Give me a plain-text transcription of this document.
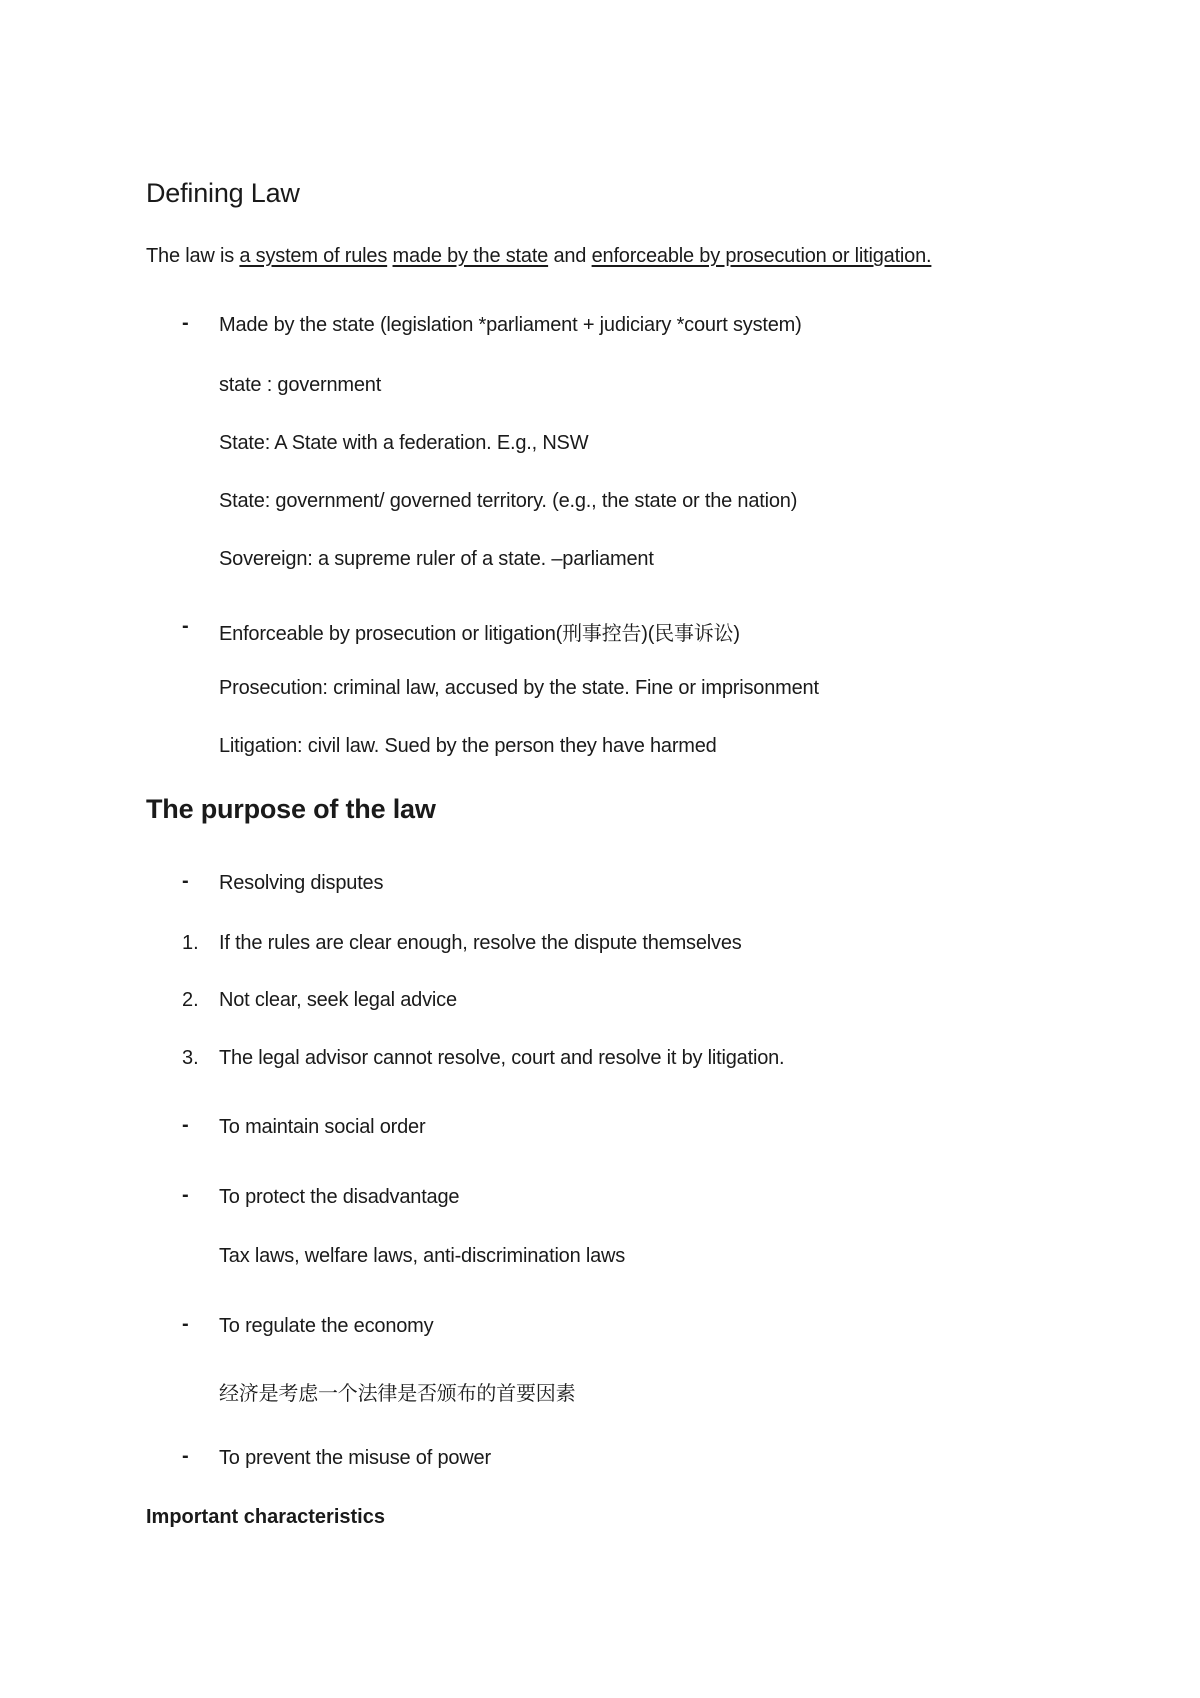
Defining Law
The law is a system of rules made by the state and enforceable by prosecution or litigation.
- Made by the state (legislation *parliament + judiciary *court system)
state : government
State: A State with a federation. E.g., NSW
State: government/ governed territory. (e.g., the state or the nation)
Sovereign: a supreme ruler of a state. –parliament
- Enforceable by prosecution or litigation(刑事控告)(民事诉讼)
Prosecution: criminal law, accused by the state. Fine or imprisonment
Litigation: civil law. Sued by the person they have harmed
The purpose of the law
- Resolving disputes
1. If the rules are clear enough, resolve the dispute themselves
2. Not clear, seek legal advice
3. The legal advisor cannot resolve, court and resolve it by litigation.
- To maintain social order
- To protect the disadvantage
Tax laws, welfare laws, anti-discrimination laws
- To regulate the economy
经济是考虑一个法律是否颁布的首要因素
- To prevent the misuse of power
Important characteristics
